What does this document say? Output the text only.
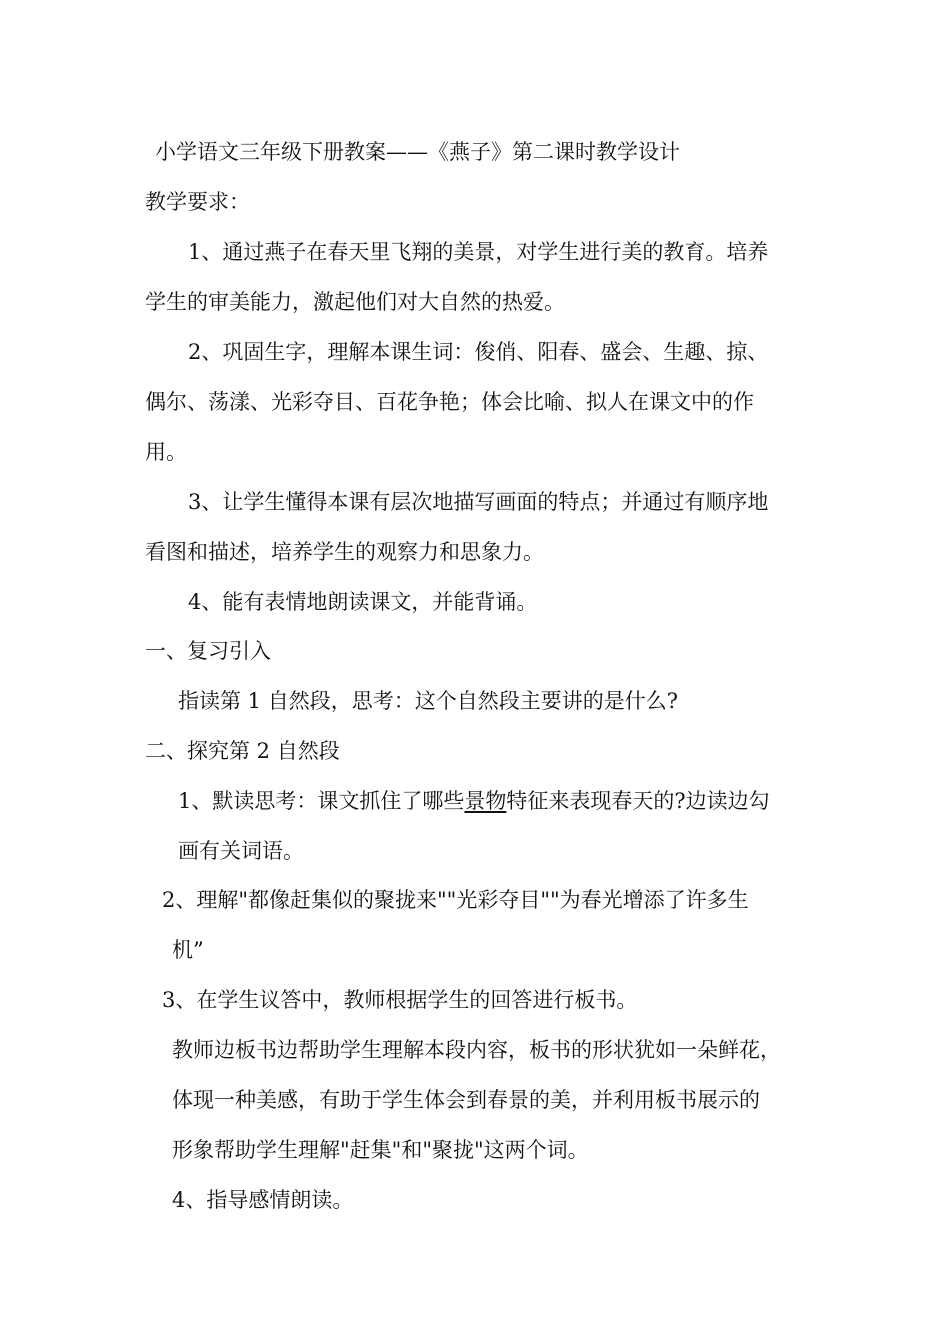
小学语文三年级下册教案——《燕子》第二课时教学设计
教学要求：
1、通过燕子在春天里飞翔的美景，对学生进行美的教育。培养
学生的审美能力，激起他们对大自然的热爱。
2、巩固生字，理解本课生词：俊俏、阳春、盛会、生趣、掠、
偶尔、荡漾、光彩夺目、百花争艳；体会比喻、拟人在课文中的作
用。
3、让学生懂得本课有层次地描写画面的特点；并通过有顺序地
看图和描述，培养学生的观察力和思象力。
4、能有表情地朗读课文，并能背诵。
一、复习引入
指读第 1 自然段，思考：这个自然段主要讲的是什么?
二、探究第 2 自然段
1、默读思考：课文抓住了哪些景物特征来表现春天的?边读边勾
画有关词语。
2、理解"都像赶集似的聚拢来""光彩夺目""为春光增添了许多生
机”
3、在学生议答中，教师根据学生的回答进行板书。
教师边板书边帮助学生理解本段内容，板书的形状犹如一朵鲜花，
体现一种美感，有助于学生体会到春景的美，并利用板书展示的
形象帮助学生理解"赶集"和"聚拢"这两个词。
4、指导感情朗读。
